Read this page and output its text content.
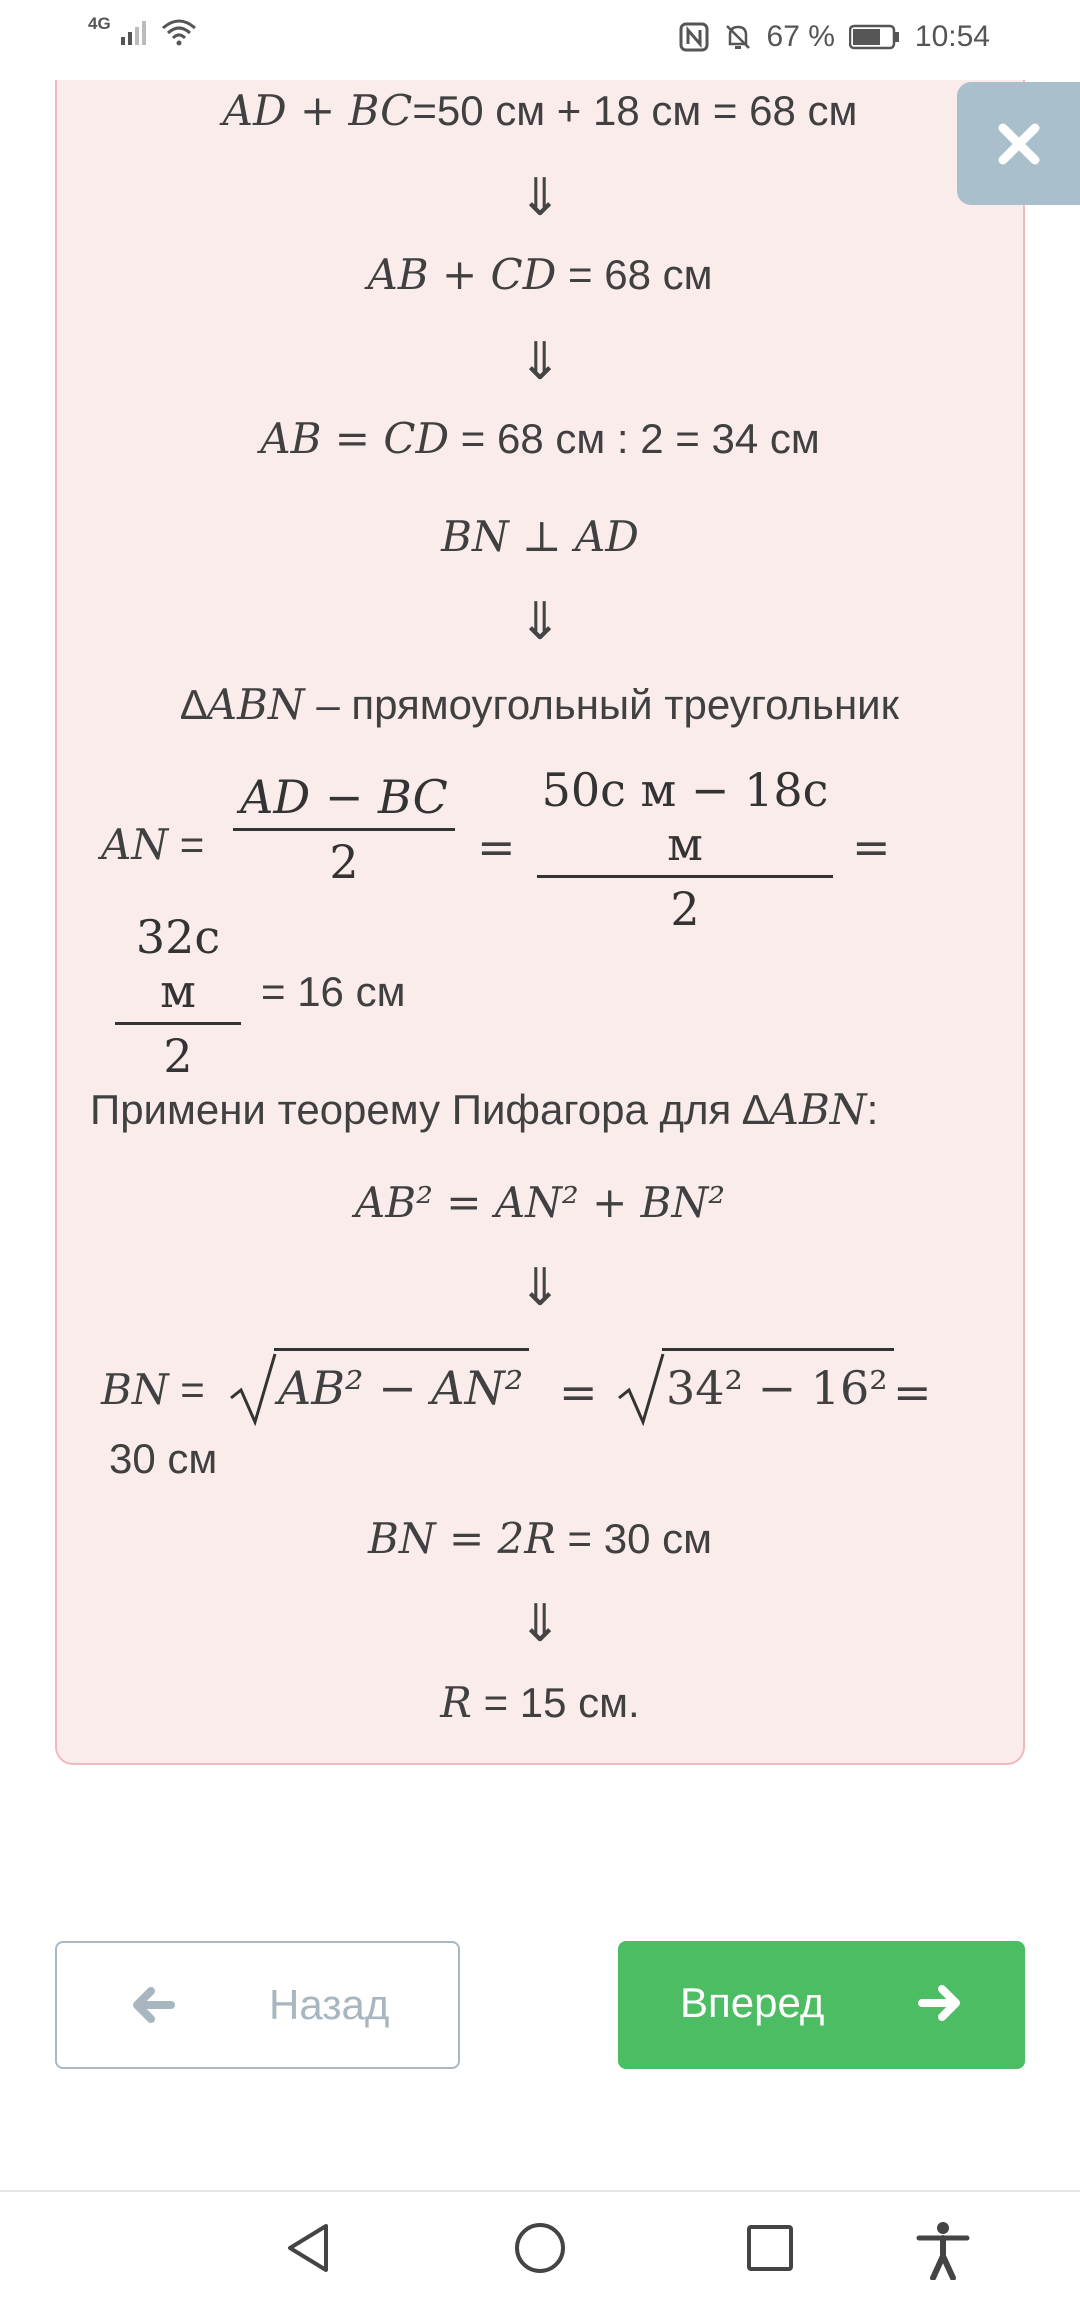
4G	67 %	10:54
AD + BC=50 см + 18 см = 68 см
⇓
AB + CD = 68 см
⇓
AB = CD = 68 см : 2 = 34 см
BN ⊥ AD
⇓
∆ABN – прямоугольный треугольник
AN =
AD − BC
2	=
50с м − 18с м
2
=
32с м
2
= 16 см
Примени теорему Пифагора для ∆ABN:
AB² = AN² + BN²
⇓
BN = AB² − AN² = 34² − 16² =
30 см
BN = 2R = 30 см
⇓
R = 15 см.
Назад	Вперед
